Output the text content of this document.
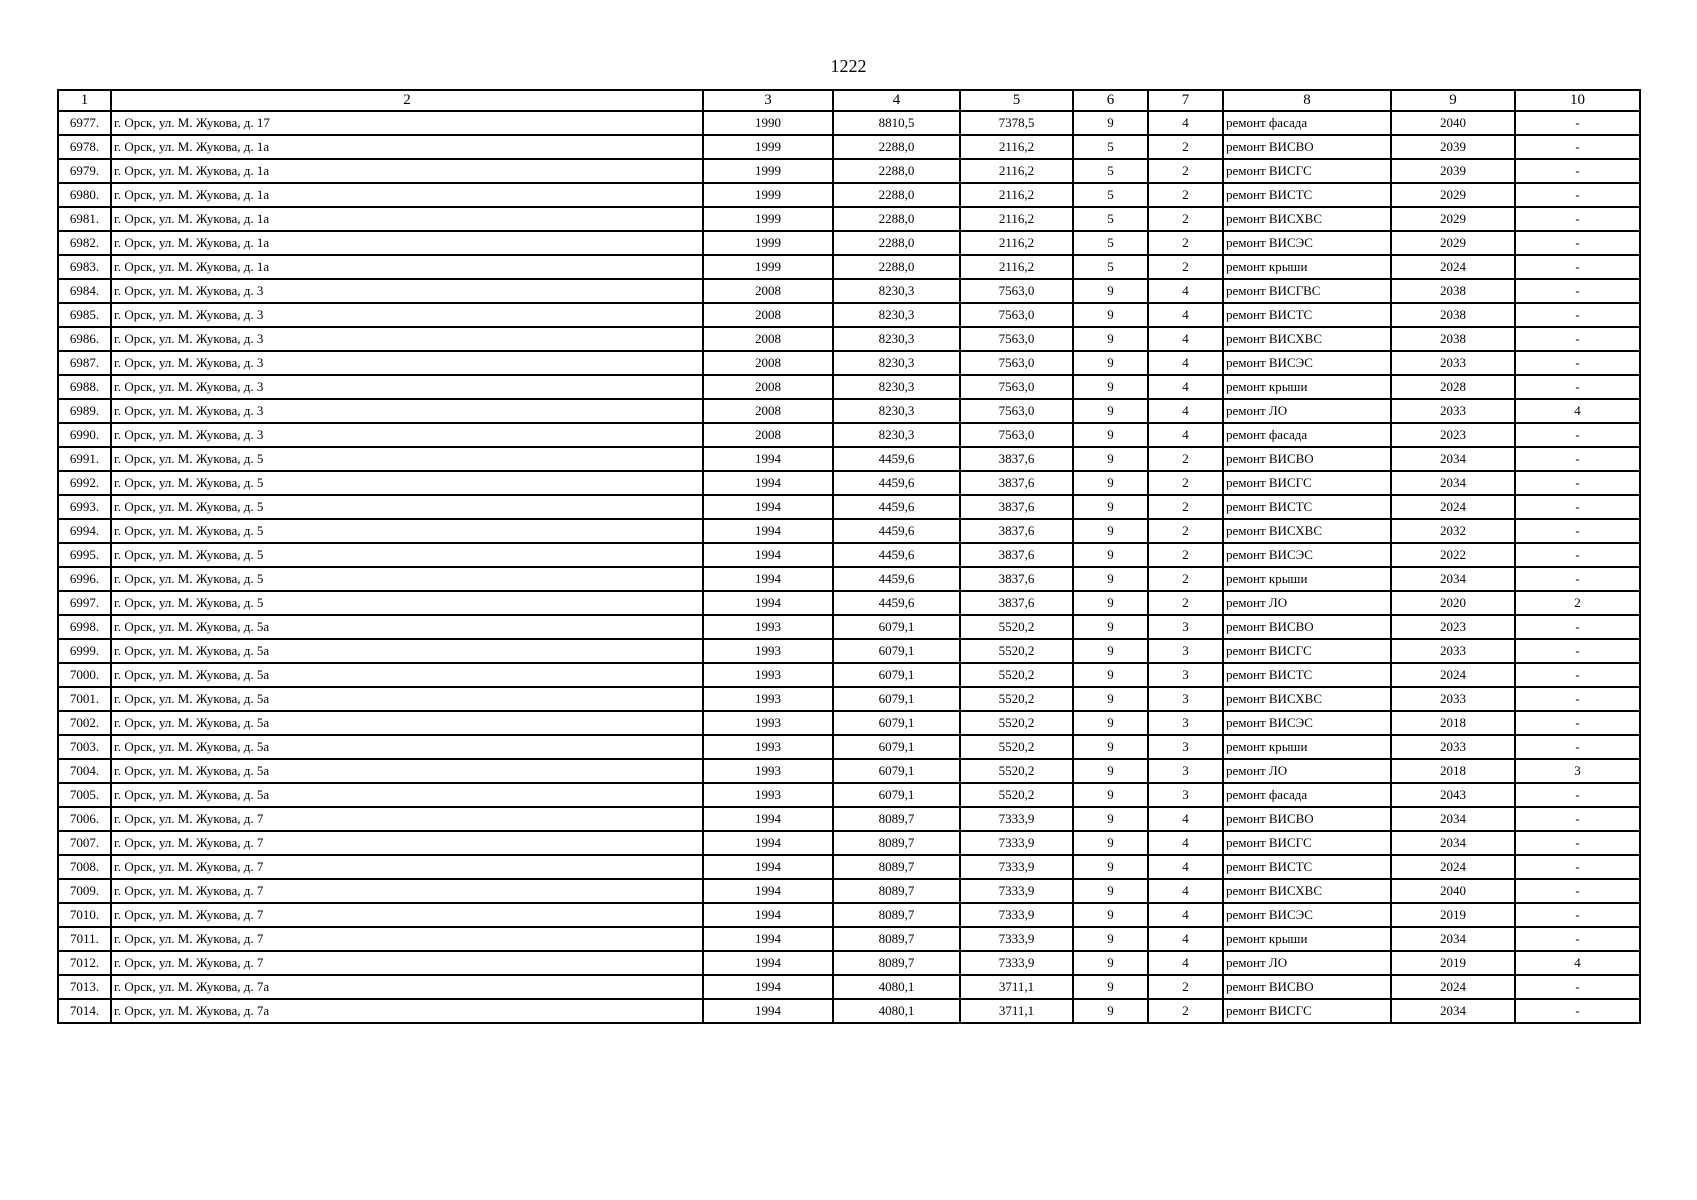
1222
1	2	3	4	5	6	7	8	9	10
6977.	г. Орск, ул. М. Жукова, д. 17	1990	8810,5	7378,5	9	4	ремонт фасада	2040	-
6978.	г. Орск, ул. М. Жукова, д. 1а	1999	2288,0	2116,2	5	2	ремонт ВИСВО	2039	-
6979.	г. Орск, ул. М. Жукова, д. 1а	1999	2288,0	2116,2	5	2	ремонт ВИСГС	2039	-
6980.	г. Орск, ул. М. Жукова, д. 1а	1999	2288,0	2116,2	5	2	ремонт ВИСТС	2029	-
6981.	г. Орск, ул. М. Жукова, д. 1а	1999	2288,0	2116,2	5	2	ремонт ВИСХВС	2029	-
6982.	г. Орск, ул. М. Жукова, д. 1а	1999	2288,0	2116,2	5	2	ремонт ВИСЭС	2029	-
6983.	г. Орск, ул. М. Жукова, д. 1а	1999	2288,0	2116,2	5	2	ремонт крыши	2024	-
6984.	г. Орск, ул. М. Жукова, д. 3	2008	8230,3	7563,0	9	4	ремонт ВИСГВС	2038	-
6985.	г. Орск, ул. М. Жукова, д. 3	2008	8230,3	7563,0	9	4	ремонт ВИСТС	2038	-
6986.	г. Орск, ул. М. Жукова, д. 3	2008	8230,3	7563,0	9	4	ремонт ВИСХВС	2038	-
6987.	г. Орск, ул. М. Жукова, д. 3	2008	8230,3	7563,0	9	4	ремонт ВИСЭС	2033	-
6988.	г. Орск, ул. М. Жукова, д. 3	2008	8230,3	7563,0	9	4	ремонт крыши	2028	-
6989.	г. Орск, ул. М. Жукова, д. 3	2008	8230,3	7563,0	9	4	ремонт ЛО	2033	4
6990.	г. Орск, ул. М. Жукова, д. 3	2008	8230,3	7563,0	9	4	ремонт фасада	2023	-
6991.	г. Орск, ул. М. Жукова, д. 5	1994	4459,6	3837,6	9	2	ремонт ВИСВО	2034	-
6992.	г. Орск, ул. М. Жукова, д. 5	1994	4459,6	3837,6	9	2	ремонт ВИСГС	2034	-
6993.	г. Орск, ул. М. Жукова, д. 5	1994	4459,6	3837,6	9	2	ремонт ВИСТС	2024	-
6994.	г. Орск, ул. М. Жукова, д. 5	1994	4459,6	3837,6	9	2	ремонт ВИСХВС	2032	-
6995.	г. Орск, ул. М. Жукова, д. 5	1994	4459,6	3837,6	9	2	ремонт ВИСЭС	2022	-
6996.	г. Орск, ул. М. Жукова, д. 5	1994	4459,6	3837,6	9	2	ремонт крыши	2034	-
6997.	г. Орск, ул. М. Жукова, д. 5	1994	4459,6	3837,6	9	2	ремонт ЛО	2020	2
6998.	г. Орск, ул. М. Жукова, д. 5а	1993	6079,1	5520,2	9	3	ремонт ВИСВО	2023	-
6999.	г. Орск, ул. М. Жукова, д. 5а	1993	6079,1	5520,2	9	3	ремонт ВИСГС	2033	-
7000.	г. Орск, ул. М. Жукова, д. 5а	1993	6079,1	5520,2	9	3	ремонт ВИСТС	2024	-
7001.	г. Орск, ул. М. Жукова, д. 5а	1993	6079,1	5520,2	9	3	ремонт ВИСХВС	2033	-
7002.	г. Орск, ул. М. Жукова, д. 5а	1993	6079,1	5520,2	9	3	ремонт ВИСЭС	2018	-
7003.	г. Орск, ул. М. Жукова, д. 5а	1993	6079,1	5520,2	9	3	ремонт крыши	2033	-
7004.	г. Орск, ул. М. Жукова, д. 5а	1993	6079,1	5520,2	9	3	ремонт ЛО	2018	3
7005.	г. Орск, ул. М. Жукова, д. 5а	1993	6079,1	5520,2	9	3	ремонт фасада	2043	-
7006.	г. Орск, ул. М. Жукова, д. 7	1994	8089,7	7333,9	9	4	ремонт ВИСВО	2034	-
7007.	г. Орск, ул. М. Жукова, д. 7	1994	8089,7	7333,9	9	4	ремонт ВИСГС	2034	-
7008.	г. Орск, ул. М. Жукова, д. 7	1994	8089,7	7333,9	9	4	ремонт ВИСТС	2024	-
7009.	г. Орск, ул. М. Жукова, д. 7	1994	8089,7	7333,9	9	4	ремонт ВИСХВС	2040	-
7010.	г. Орск, ул. М. Жукова, д. 7	1994	8089,7	7333,9	9	4	ремонт ВИСЭС	2019	-
7011.	г. Орск, ул. М. Жукова, д. 7	1994	8089,7	7333,9	9	4	ремонт крыши	2034	-
7012.	г. Орск, ул. М. Жукова, д. 7	1994	8089,7	7333,9	9	4	ремонт ЛО	2019	4
7013.	г. Орск, ул. М. Жукова, д. 7а	1994	4080,1	3711,1	9	2	ремонт ВИСВО	2024	-
7014.	г. Орск, ул. М. Жукова, д. 7а	1994	4080,1	3711,1	9	2	ремонт ВИСГС	2034	-
